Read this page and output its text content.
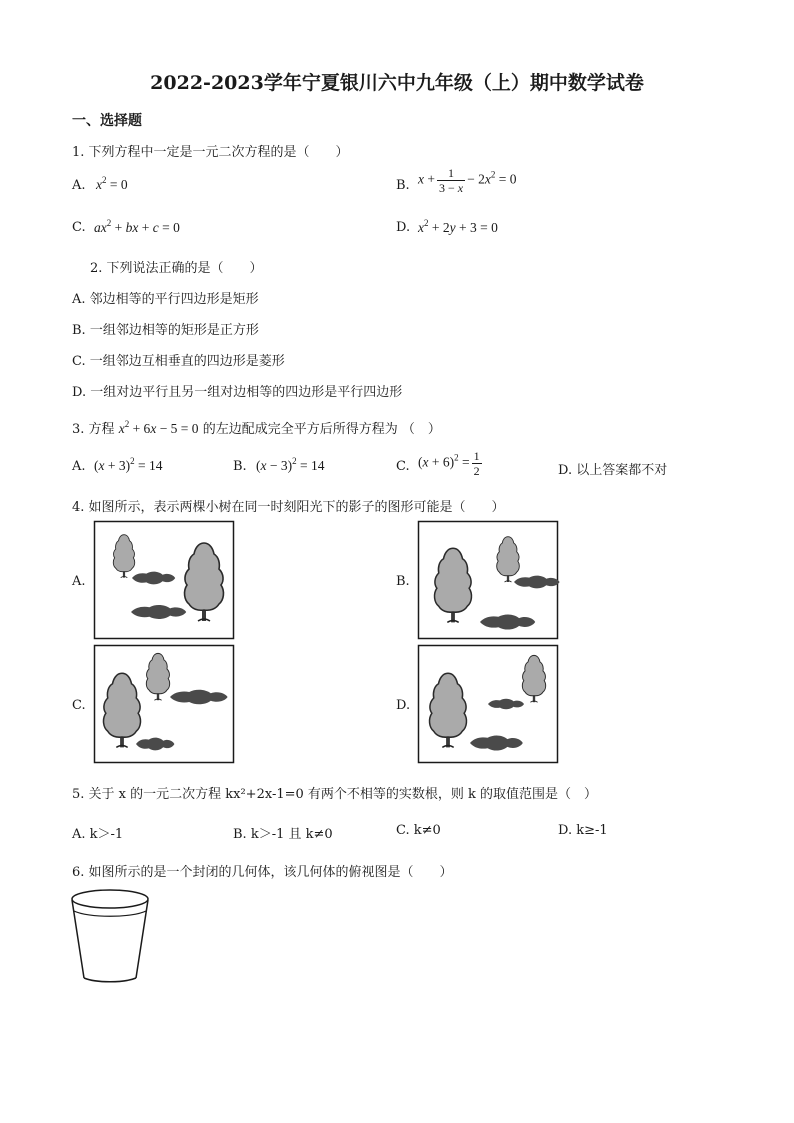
2022-2023学年宁夏银川六中九年级（上）期中数学试卷
一、选择题
1. 下列方程中一定是一元二次方程的是（　　）
A. $x^2 = 0$	B. $x + \frac{1}{3 - x} - 2x^2 = 0$
C. $ax^2$ + bx + c = 0	D. $x^2 + 2y + 3 = 0$
2. 下列说法正确的是（　　）
A. 邻边相等的平行四边形是矩形
B. 一组邻边相等的矩形是正方形
C. 一组邻边互相垂直的四边形是菱形
D. 一组对边平行且另一组对边相等的四边形是平行四边形
3. 方程 $x^2 + 6x - 5 = 0$ 的左边配成完全平方后所得方程为 （　）
A. $(x + 3)^2 = 14$	B. $(x - 3)^2 = 14$	C. $(x + 6)^2 = \frac{1}{2}$	D. 以上答案都不对
4. 如图所示，表示两棵小树在同一时刻阳光下的影子的图形可能是（　　）
A.	B.
C.	D.
5. 关于 x 的一元二次方程 kx²+2x-1=0 有两个不相等的实数根，则 k 的取值范围是（　）
A. k＞-1	B. k＞-1 且 k≠0	C. k≠0	D. k≥-1
6. 如图所示的是一个封闭的几何体，该几何体的俯视图是（　　）
